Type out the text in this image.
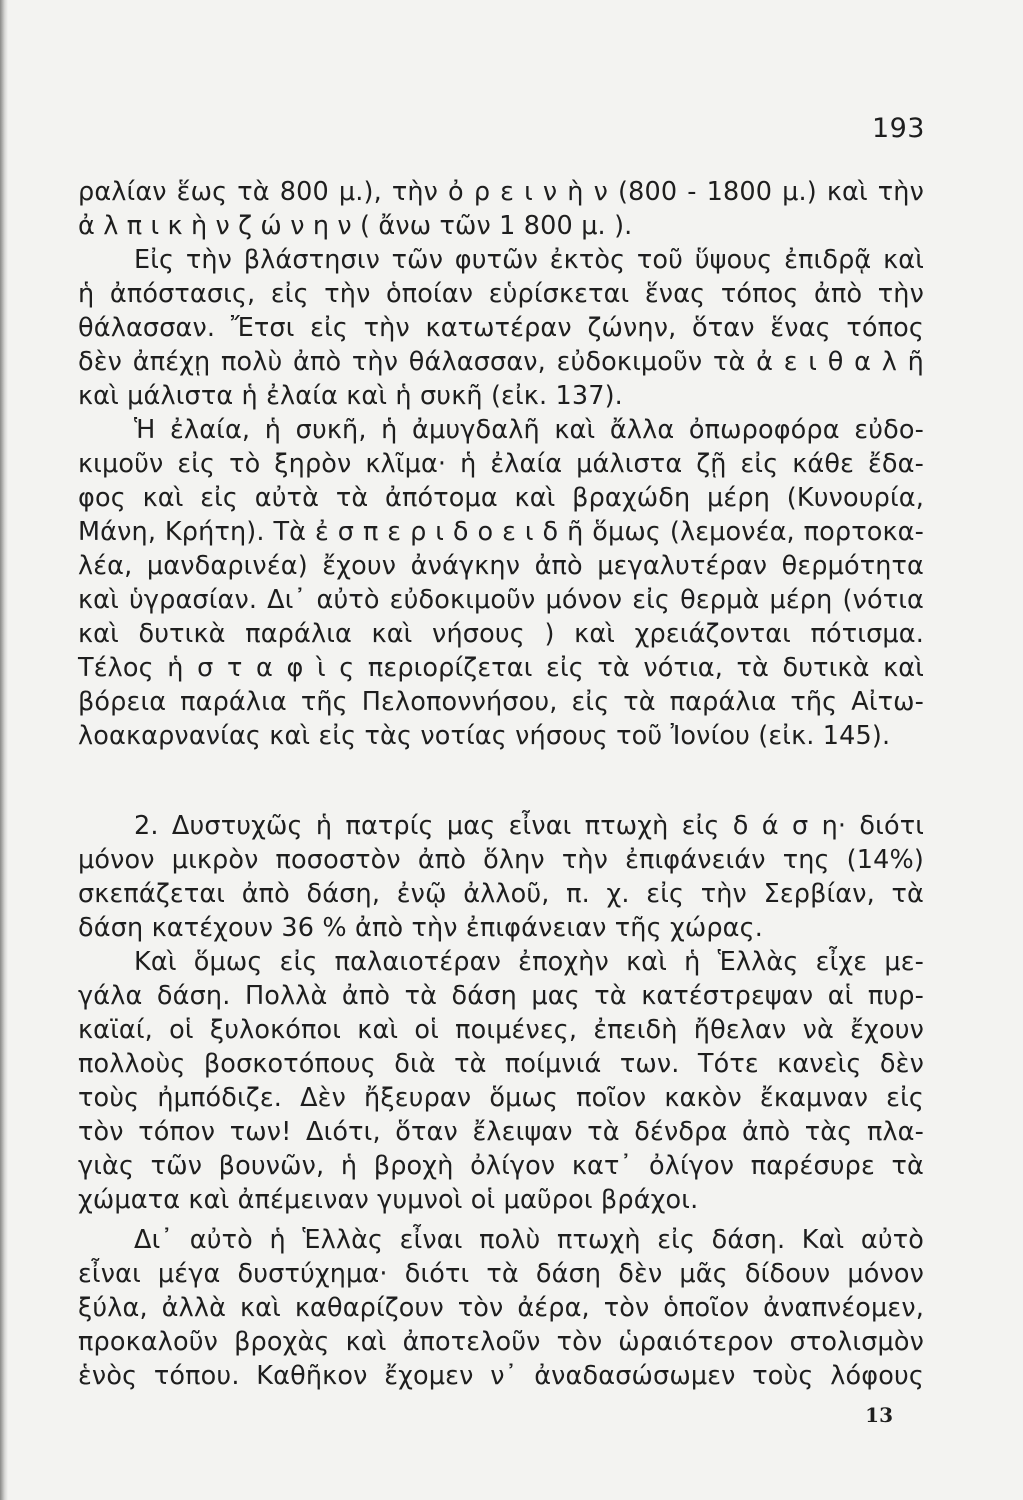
193
ραλίαν ἕως τὰ 800 μ.), τὴν ὀ ρ ε ι ν ὴ ν (800 - 1800 μ.) καὶ τὴν
ἀ λ π ι κ ὴ ν ζ ώ ν η ν ( ἄνω τῶν 1 800 μ. ).
Εἰς τὴν βλάστησιν τῶν φυτῶν ἐκτὸς τοῦ ὕψους ἐπιδρᾷ καὶ
ἡ ἀπόστασις, εἰς τὴν ὁποίαν εὑρίσκεται ἕνας τόπος ἀπὸ τὴν
θάλασσαν. Ἔτσι εἰς τὴν κατωτέραν ζώνην, ὅταν ἕνας τόπος
δὲν ἀπέχῃ πολὺ ἀπὸ τὴν θάλασσαν, εὐδοκιμοῦν τὰ ἀ ε ι θ α λ ῆ
καὶ μάλιστα ἡ ἐλαία καὶ ἡ συκῆ (εἰκ. 137).
Ἡ ἐλαία, ἡ συκῆ, ἡ ἀμυγδαλῆ καὶ ἄλλα ὀπωροφόρα εὐδο-
κιμοῦν εἰς τὸ ξηρὸν κλῖμα· ἡ ἐλαία μάλιστα ζῇ εἰς κάθε ἔδα-
φος καὶ εἰς αὐτὰ τὰ ἀπότομα καὶ βραχώδη μέρη (Κυνουρία,
Μάνη, Κρήτη). Τὰ ἐ σ π ε ρ ι δ ο ε ι δ ῆ ὅμως (λεμονέα, πορτοκα-
λέα, μανδαρινέα) ἔχουν ἀνάγκην ἀπὸ μεγαλυτέραν θερμότητα
καὶ ὑγρασίαν. Δι᾽ αὐτὸ εὐδοκιμοῦν μόνον εἰς θερμὰ μέρη (νότια
καὶ δυτικὰ παράλια καὶ νήσους ) καὶ χρειάζονται πότισμα.
Τέλος ἡ σ τ α φ ὶ ς περιορίζεται εἰς τὰ νότια, τὰ δυτικὰ καὶ
βόρεια παράλια τῆς Πελοποννήσου, εἰς τὰ παράλια τῆς Αἰτω-
λοακαρνανίας καὶ εἰς τὰς νοτίας νήσους τοῦ Ἰονίου (εἰκ. 145).
2. Δυστυχῶς ἡ πατρίς μας εἶναι πτωχὴ εἰς δ ά σ η· διότι
μόνον μικρὸν ποσοστὸν ἀπὸ ὅλην τὴν ἐπιφάνειάν της (14%)
σκεπάζεται ἀπὸ δάση, ἐνῷ ἀλλοῦ, π. χ. εἰς τὴν Σερβίαν, τὰ
δάση κατέχουν 36 % ἀπὸ τὴν ἐπιφάνειαν τῆς χώρας.
Καὶ ὅμως εἰς παλαιοτέραν ἐποχὴν καὶ ἡ Ἑλλὰς εἶχε με-
γάλα δάση. Πολλὰ ἀπὸ τὰ δάση μας τὰ κατέστρεψαν αἱ πυρ-
καϊαί, οἱ ξυλοκόποι καὶ οἱ ποιμένες, ἐπειδὴ ἤθελαν νὰ ἔχουν
πολλοὺς βοσκοτόπους διὰ τὰ ποίμνιά των. Τότε κανεὶς δὲν
τοὺς ἠμπόδιζε. Δὲν ἤξευραν ὅμως ποῖον κακὸν ἔκαμναν εἰς
τὸν τόπον των! Διότι, ὅταν ἔλειψαν τὰ δένδρα ἀπὸ τὰς πλα-
γιὰς τῶν βουνῶν, ἡ βροχὴ ὀλίγον κατ᾽ ὀλίγον παρέσυρε τὰ
χώματα καὶ ἀπέμειναν γυμνοὶ οἱ μαῦροι βράχοι.
Δι᾽ αὐτὸ ἡ Ἑλλὰς εἶναι πολὺ πτωχὴ εἰς δάση. Καὶ αὐτὸ
εἶναι μέγα δυστύχημα· διότι τὰ δάση δὲν μᾶς δίδουν μόνον
ξύλα, ἀλλὰ καὶ καθαρίζουν τὸν ἀέρα, τὸν ὁποῖον ἀναπνέομεν,
προκαλοῦν βροχὰς καὶ ἀποτελοῦν τὸν ὡραιότερον στολισμὸν
ἑνὸς τόπου. Καθῆκον ἔχομεν ν᾽ ἀναδασώσωμεν τοὺς λόφους
13
